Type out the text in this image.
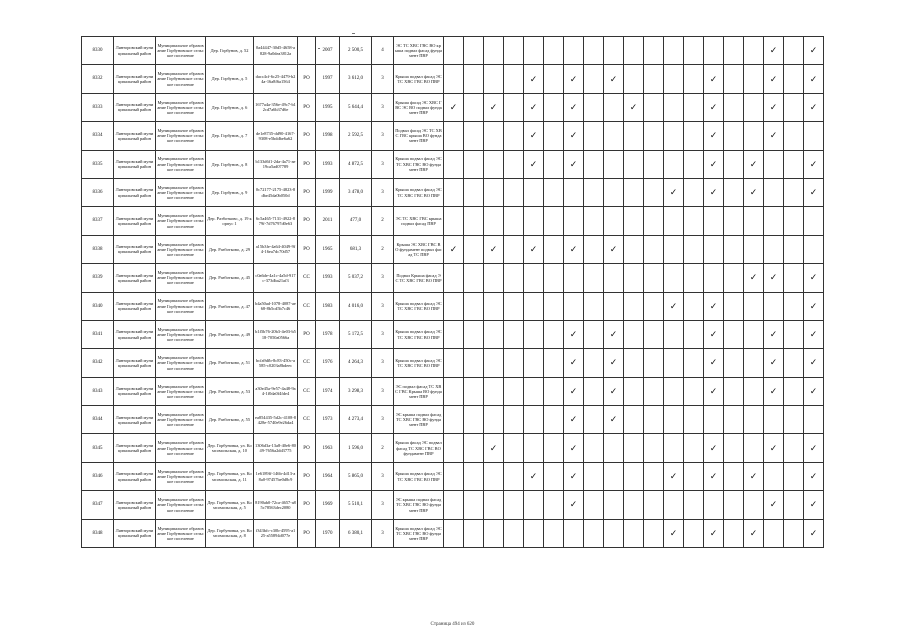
8330	Лянторовский муниципальный район	Муниципальное образование Горбуновское сельское поселение	Дер. Горбунов, д. 52	0a44447-30d5-4658-a828-9a0dea3812a		2007	2 500,5	4	ЭС ТС ХВС ГВС ВО крыша подвал фасад фундамент ПВР																	✓		✓
8332	Лянторовский муниципальный район	Муниципальное образование Горбуновское сельское поселение	Дер. Горбунов, д. 5	dacc4cf-6c25-4479-b24a-16a8f6a1564	РО	1997	3 612,0	3	Крыша подвал фасад ЭС ТС ХВС ГВС ВО ПВР					✓		✓		✓					✓			✓		✓
8333	Лянторовский муниципальный район	Муниципальное образование Горбуновское сельское поселение	Дер. Горбунов, д. 6	1677a4a-356e-49c7-b12cd7a6b37d6e	РО	1995	5 644,4	3	Крыша фасад ЭС ХВС ГВС ЭС ВО подвал фундамент ПВР	✓		✓		✓		✓			✓				✓			✓		✓
8334	Лянторовский муниципальный район	Муниципальное образование Горбуновское сельское поселение	Дер. Горбунов, д. 7	de1e8735-dd90-4167-9308-e5bddbe6a62	РО	1998	2 592,5	3	Подвал фасад ЭС ТС ХВС ГВС крыша ВО фундамент ПВР					✓		✓							✓			✓		
8335	Лянторовский муниципальный район	Муниципальное образование Горбуновское сельское поселение	Дер. Горбунов, д. 8	b133d6f1-2da-4a71-ae19ca5ad07789	РО	1993	4 872,5	3	Крыша подвал фасад ЭС ТС ХВС ГВС ВО фундамент ПВР					✓		✓							✓		✓			✓
8336	Лянторовский муниципальный район	Муниципальное образование Горбуновское сельское поселение	Дер. Горбунов, д. 9	0c72177-2175-4823-8dbe45da0b050d	РО	1999	3 478,0	3	Крыша подвал фасад ЭС ТС ХВС ГВС ВО ПВР												✓		✓		✓			✓
8337	Лянторовский муниципальный район	Муниципальное образование Горбуновское сельское поселение	Дер. Разботково, д. 19 корпус 1	6c5a465-7131-4922-879f-7d76797d0e63	РО	2011	477,0	2	ЭС ТС ХВС ГВС крыша подвал фасад ПВР																			
8338	Лянторовский муниципальный район	Муниципальное образование Горбуновское сельское поселение	Дер. Разботково, д. 29	a15b3fe-4a64-4049-9f4-16ea7dc70d57	РО	1965	681,3	2	Крыша ЭС ХВС ГВС ВО фундамент подвал фасад ТС ПВР	✓		✓		✓		✓		✓										
8339	Лянторовский муниципальный район	Муниципальное образование Горбуновское сельское поселение	Дер. Разботково, д. 45	c0a6de-4a1c-4a5d-917c-373dba21af3	СС	1993	5 037,2	3	Подвал Крыша фасад ЭС ТС ХВС ГВС ВО ПВР																✓	✓		✓
8340	Лянторовский муниципальный район	Муниципальное образование Горбуновское сельское поселение	Дер. Разботково, д. 47	b4a50ad-1078-4087-ae68-8b5cd5b7c46	СС	1983	4 016,0	3	Крыша подвал фасад ЭС ТС ХВС ГВС ВО ПВР												✓		✓					✓
8341	Лянторовский муниципальный район	Муниципальное образование Горбуновское сельское поселение	Дер. Разботково, д. 49	b1f5b76-20b3-4e03-b518-7050a0566a	РО	1978	5 172,5	3	Крыша подвал фасад ЭС ТС ХВС ГВС ВО ПВР							✓		✓					✓			✓		✓
8342	Лянторовский муниципальный район	Муниципальное образование Горбуновское сельское поселение	Дер. Разботково, д. 51	bcfa9dfb-8c83-450c-a585-c0203a8bdeec	СС	1976	4 264,3	3	Крыша подвал фасад ЭС ТС ХВС ГВС ВО ПВР							✓		✓					✓			✓		✓
8343	Лянторовский муниципальный район	Муниципальное образование Горбуновское сельское поселение	Дер. Разботково, д. 53	a30e45a-9e57-4a48-9a4-1f0da0f4fde4	СС	1974	3 298,3	3	ЭС подвал фасад ТС ХВС ГВС Крыша ВО фундамент ПВР							✓		✓					✓			✓		✓
8344	Лянторовский муниципальный район	Муниципальное образование Горбуновское сельское поселение	Дер. Разботково, д. 55	ea854435-5d2c-4108-8428e-5740e9e26da4	СС	1973	4 273,4	3	ЭС крыша подвал фасад ТС ХВС ГВС ВО фундамент ПВР							✓		✓										
8345	Лянторовский муниципальный район	Муниципальное образование Горбуновское сельское поселение	Дер. Горбуновка, ул. Комсомольская, д. 10	1306d3a-13a8-40e6-8049-7656a2dd3775	РО	1963	1 596,0	2	Крыша фасад ЭС подвал фасад ТС ХВС ГВС ВО фундамент ПВР			✓				✓							✓			✓		✓
8346	Лянторовский муниципальный район	Муниципальное образование Горбуновское сельское поселение	Дер. Горбуновка, ул. Комсомольская, д. 11	1e6189ff-146b-4d13-a8a0-97457be0d8c9	РО	1964	5 865,0	3	Крыша подвал фасад ЭС ТС ХВС ГВС ВО ПВР					✓		✓					✓		✓		✓			✓
8347	Лянторовский муниципальный район	Муниципальное образование Горбуновское сельское поселение	Дер. Горбуновка, ул. Комсомольская, д. 5	8190ab0-72ca-4657-a85c78563dec2080	РО	1969	5 510,1	3	ЭС крыша подвал фасад ТС ХВС ГВС ВО фундамент ПВР							✓										✓		✓
8348	Лянторовский муниципальный район	Муниципальное образование Горбуновское сельское поселение	Дер. Горбуновка, ул. Комсомольская, д. 8	f343bfc-c30b-4595-a125-a55894d077e	РО	1970	6 380,1	3	Крыша подвал фасад ЭС ТС ХВС ГВС ВО фундамент ПВР												✓		✓		✓			✓
Страница 494 из 620
